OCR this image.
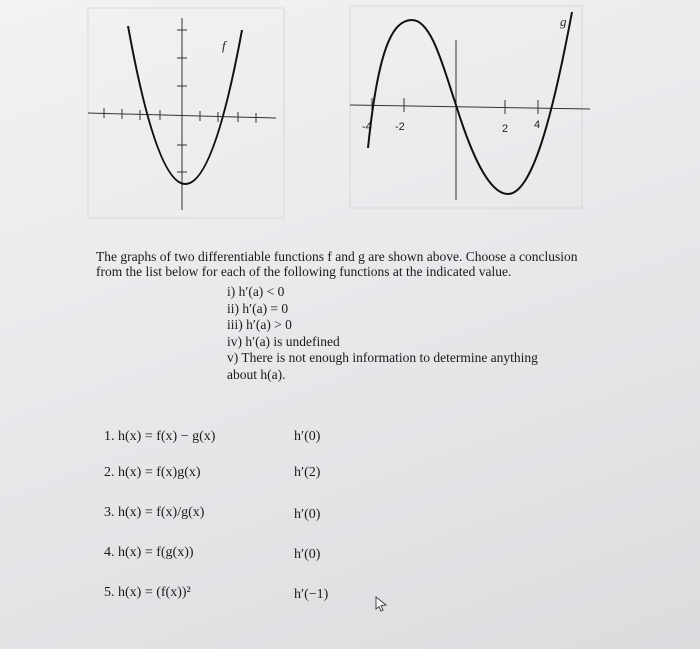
f
-4 -2	2 4
g
The graphs of two differentiable functions f and g are shown above. Choose a conclusion from the list below for each of the following functions at the indicated value.
i) h′(a) < 0
ii) h′(a) = 0
iii) h′(a) > 0
iv) h′(a) is undefined
v) There is not enough information to determine anything
about h(a).
1. h(x) = f(x) − g(x)	h′(0)
2. h(x) = f(x)g(x)	h′(2)
3. h(x) = f(x)/g(x)	h′(0)
4. h(x) = f(g(x))	h′(0)
5. h(x) = (f(x))²	h′(−1)
